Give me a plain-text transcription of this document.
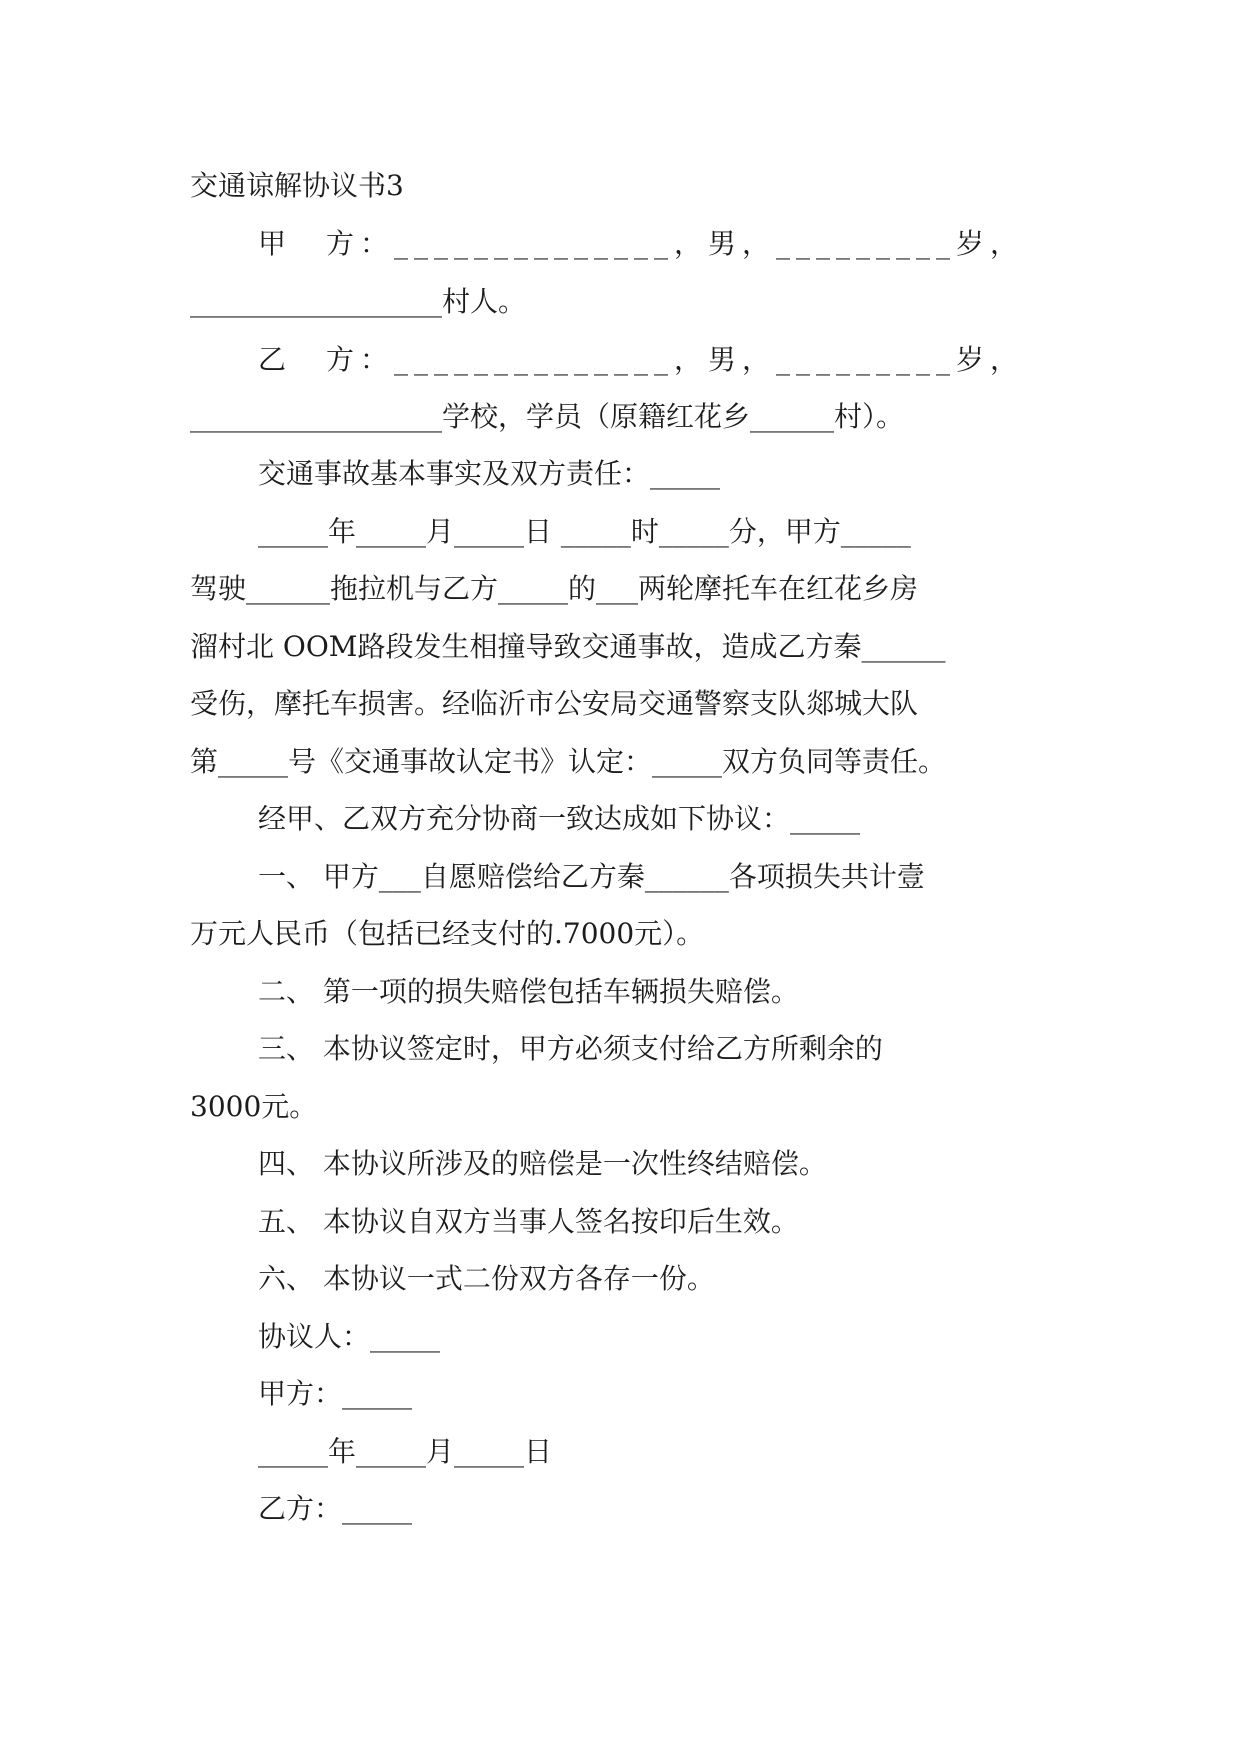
交通谅解协议书3
甲　方：______________，男，_________岁，
__________________村人。
乙　方：______________，男，_________岁，
__________________学校，学员（原籍红花乡______村）。
交通事故基本事实及双方责任：_____
_____年_____月_____日 _____时_____分，甲方_____
驾驶______拖拉机与乙方_____的___两轮摩托车在红花乡房
溜村北 OOM路段发生相撞导致交通事故，造成乙方秦______
受伤，摩托车损害。经临沂市公安局交通警察支队郯城大队
第_____号《交通事故认定书》认定：_____双方负同等责任。
经甲、乙双方充分协商一致达成如下协议：_____
一、 甲方___自愿赔偿给乙方秦______各项损失共计壹
万元人民币（包括已经支付的.7000元）。
二、 第一项的损失赔偿包括车辆损失赔偿。
三、 本协议签定时，甲方必须支付给乙方所剩余的
3000元。
四、 本协议所涉及的赔偿是一次性终结赔偿。
五、 本协议自双方当事人签名按印后生效。
六、 本协议一式二份双方各存一份。
协议人：_____
甲方：_____
_____年_____月_____日
乙方：_____
